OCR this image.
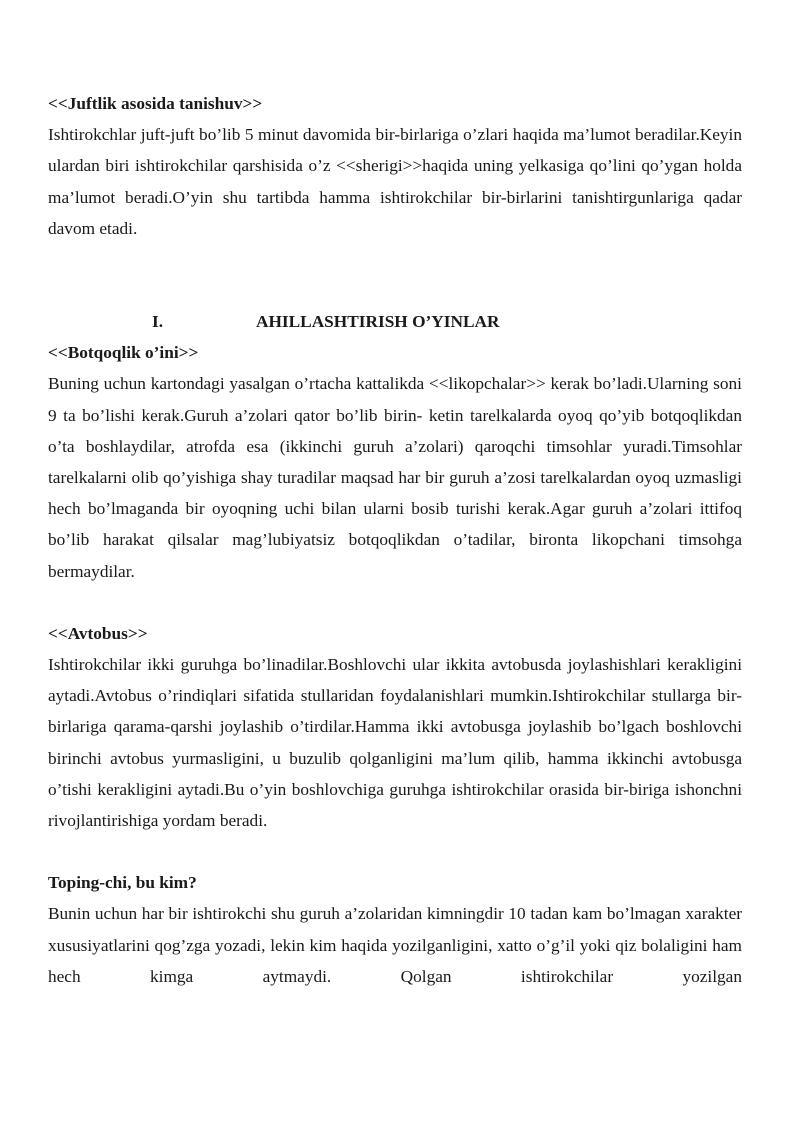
<<Juftlik asosida tanishuv>>

Ishtirokchlar juft-juft bo’lib 5 minut davomida bir-birlariga o’zlari haqida ma’lumot beradilar.Keyin ulardan biri ishtirokchilar qarshisida o’z <<sherigi>>haqida uning yelkasiga qo’lini qo’ygan holda ma’lumot beradi.O’yin shu tartibda hamma ishtirokchilar bir-birlarini tanishtirgunlariga qadar davom etadi.

I.	AHILLASHTIRISH O’YINLAR

<<Botqoqlik o’ini>>

Buning uchun kartondagi yasalgan o’rtacha kattalikda <<likopchalar>> kerak bo’ladi.Ularning soni 9 ta bo’lishi kerak.Guruh a’zolari qator bo’lib birin- ketin tarelkalarda oyoq qo’yib botqoqlikdan o’ta boshlaydilar, atrofda esa (ikkinchi guruh a’zolari) qaroqchi timsohlar yuradi.Timsohlar tarelkalarni olib qo’yishiga shay turadilar maqsad har bir guruh a’zosi tarelkalardan oyoq uzmasligi hech bo’lmaganda bir oyoqning uchi bilan ularni bosib turishi kerak.Agar guruh a’zolari ittifoq bo’lib harakat qilsalar mag’lubiyatsiz botqoqlikdan o’tadilar, bironta likopchani timsohga bermaydilar.

<<Avtobus>>

Ishtirokchilar ikki guruhga bo’linadilar.Boshlovchi ular ikkita avtobusda joylashishlari kerakligini aytadi.Avtobus o’rindiqlari sifatida stullaridan foydalanishlari mumkin.Ishtirokchilar stullarga bir-birlariga qarama-qarshi joylashib o’tirdilar.Hamma ikki avtobusga joylashib bo’lgach boshlovchi birinchi avtobus yurmasligini, u buzulib qolganligini ma’lum qilib, hamma ikkinchi avtobusga o’tishi kerakligini aytadi.Bu o’yin boshlovchiga guruhga ishtirokchilar orasida bir-biriga ishonchni rivojlantirishiga yordam beradi.

Toping-chi, bu kim?

Bunin uchun har bir ishtirokchi shu guruh a’zolaridan kimningdir 10 tadan kam bo’lmagan xarakter xususiyatlarini qog’zga yozadi, lekin kim haqida yozilganligini, xatto o’g’il yoki qiz bolaligini ham hech kimga aytmaydi. Qolgan ishtirokchilar yozilgan
